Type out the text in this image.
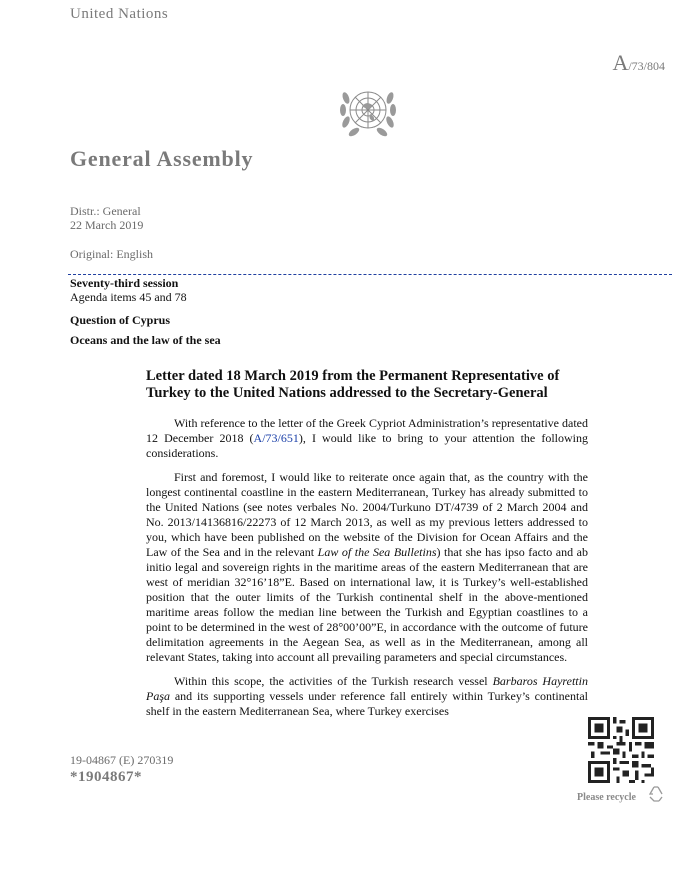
United Nations
A/73/804
General Assembly
Distr.: General
22 March 2019
Original: English
Seventy-third session
Agenda items 45 and 78
Question of Cyprus
Oceans and the law of the sea
Letter dated 18 March 2019 from the Permanent Representative of Turkey to the United Nations addressed to the Secretary-General

With reference to the letter of the Greek Cypriot Administration’s representative dated 12 December 2018 (A/73/651), I would like to bring to your attention the following considerations.

First and foremost, I would like to reiterate once again that, as the country with the longest continental coastline in the eastern Mediterranean, Turkey has already submitted to the United Nations (see notes verbales No. 2004/Turkuno DT/4739 of 2 March 2004 and No. 2013/14136816/22273 of 12 March 2013, as well as my previous letters addressed to you, which have been published on the website of the Division for Ocean Affairs and the Law of the Sea and in the relevant Law of the Sea Bulletins) that she has ipso facto and ab initio legal and sovereign rights in the maritime areas of the eastern Mediterranean that are west of meridian 32°16’18”E. Based on international law, it is Turkey’s well-established position that the outer limits of the Turkish continental shelf in the above-mentioned maritime areas follow the median line between the Turkish and Egyptian coastlines to a point to be determined in the west of 28°00’00”E, in accordance with the outcome of future delimitation agreements in the Aegean Sea, as well as in the Mediterranean, among all relevant States, taking into account all prevailing parameters and special circumstances.

Within this scope, the activities of the Turkish research vessel Barbaros Hayrettin Paşa and its supporting vessels under reference fall entirely within Turkey’s continental shelf in the eastern Mediterranean Sea, where Turkey exercises

19-04867 (E) 270319
*1904867*
Please recycle
